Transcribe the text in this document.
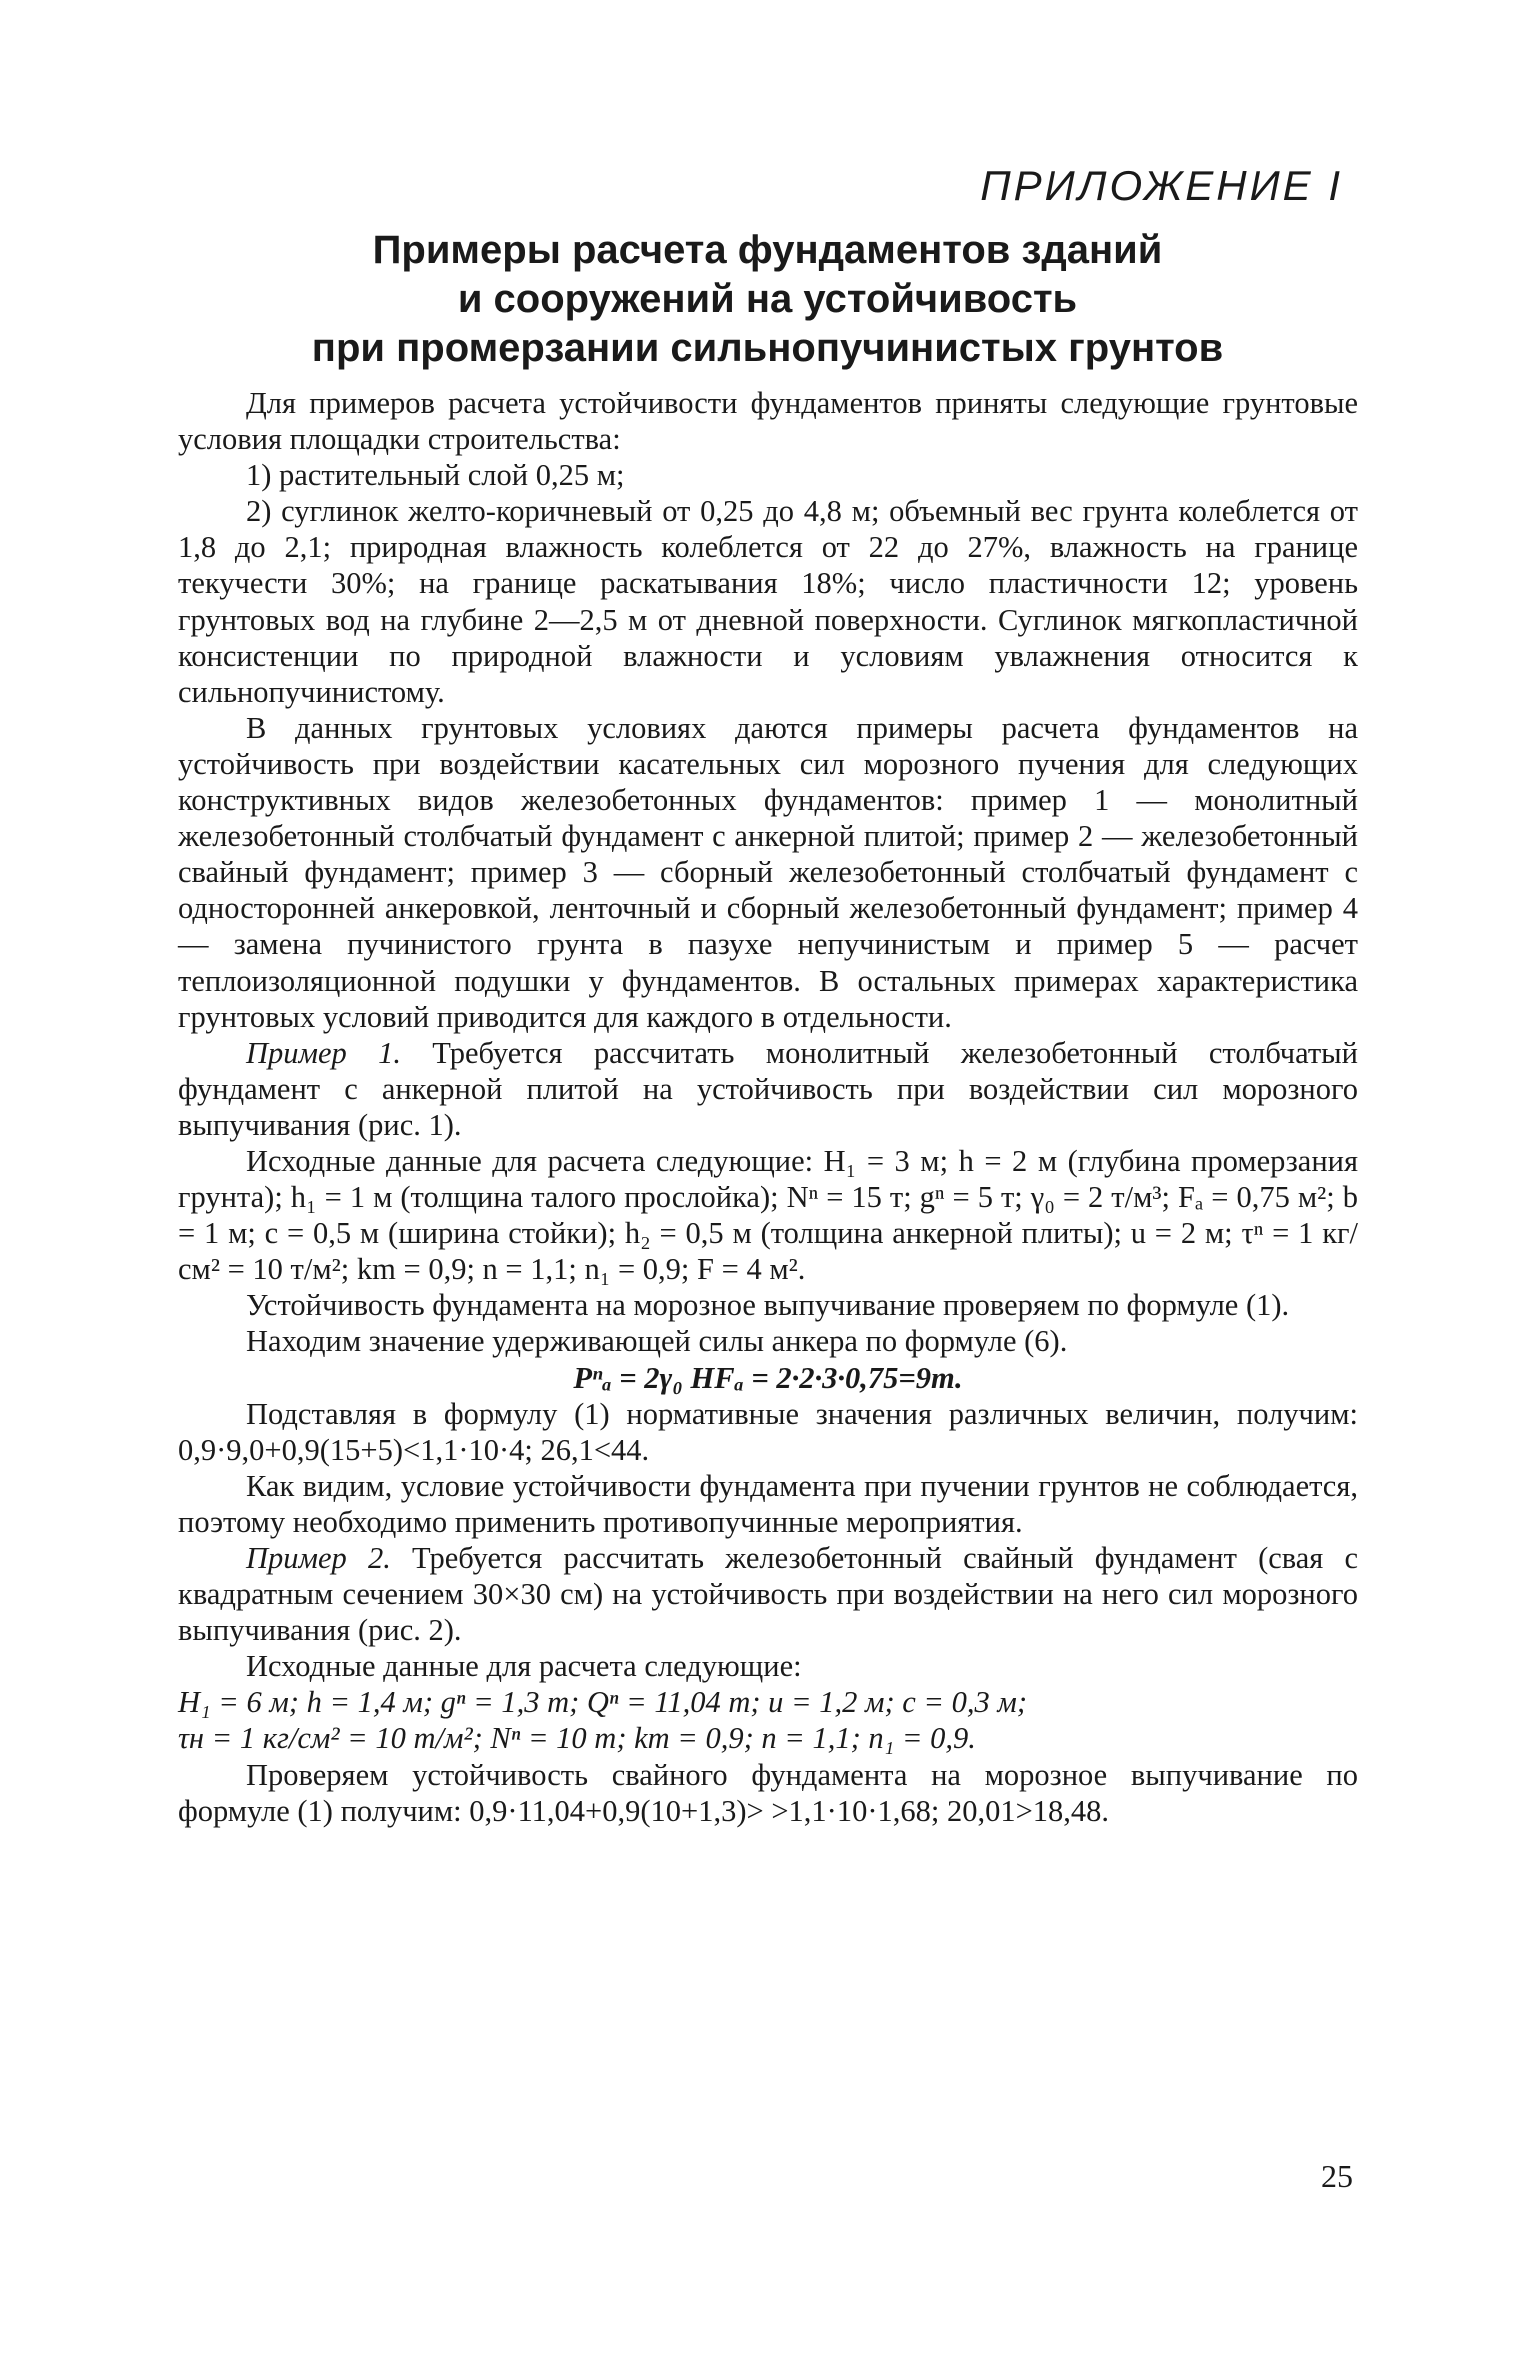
ПРИЛОЖЕНИЕ I
Примеры расчета фундаментов зданий
и сооружений на устойчивость
при промерзании сильнопучинистых грунтов

Для примеров расчета устойчивости фундаментов приняты следующие грунтовые условия площадки строительства:

1) растительный слой 0,25 м;

2) суглинок желто-коричневый от 0,25 до 4,8 м; объемный вес грунта колеблется от 1,8 до 2,1; природная влажность колеблется от 22 до 27%, влажность на границе текучести 30%; на границе раскатывания 18%; число пластичности 12; уровень грунтовых вод на глубине 2—2,5 м от дневной поверхности. Суглинок мягкопластичной консистенции по природной влажности и условиям увлажнения относится к сильнопучинистому.

В данных грунтовых условиях даются примеры расчета фундаментов на устойчивость при воздействии касательных сил морозного пучения для следующих конструктивных видов железобетонных фундаментов: пример 1 — монолитный железобетонный столбчатый фундамент с анкерной плитой; пример 2 — железобетонный свайный фундамент; пример 3 — сборный железобетонный столбчатый фундамент с односторонней анкеровкой, ленточный и сборный железобетонный фундамент; пример 4 — замена пучинистого грунта в пазухе непучинистым и пример 5 — расчет теплоизоляционной подушки у фундаментов. В остальных примерах характеристика грунтовых условий приводится для каждого в отдельности.

Пример 1. Требуется рассчитать монолитный железобетонный столбчатый фундамент с анкерной плитой на устойчивость при воздействии сил морозного выпучивания (рис. 1).

Исходные данные для расчета следующие: H₁ = 3 м; h = 2 м (глубина промерзания грунта); h₁ = 1 м (толщина талого прослойка); Nⁿ = 15 т; gⁿ = 5 т; γ₀ = 2 т/м³; Fₐ = 0,75 м²; b = 1 м; c = 0,5 м (ширина стойки); h₂ = 0,5 м (толщина анкерной плиты); u = 2 м; τⁿ = 1 кг/см² = 10 т/м²; km = 0,9; n = 1,1; n₁ = 0,9; F = 4 м².

Устойчивость фундамента на морозное выпучивание проверяем по формуле (1).

Находим значение удерживающей силы анкера по формуле (6).

Pⁿₐ = 2γ₀ HFₐ = 2·2·3·0,75=9т.

Подставляя в формулу (1) нормативные значения различных величин, получим: 0,9·9,0+0,9(15+5)<1,1·10·4; 26,1<44.

Как видим, условие устойчивости фундамента при пучении грунтов не соблюдается, поэтому необходимо применить противопучинные мероприятия.

Пример 2. Требуется рассчитать железобетонный свайный фундамент (свая с квадратным сечением 30×30 см) на устойчивость при воздействии на него сил морозного выпучивания (рис. 2).

Исходные данные для расчета следующие:

H₁ = 6 м; h = 1,4 м; gⁿ = 1,3 т; Qⁿ = 11,04 т; u = 1,2 м; c = 0,3 м;

τн = 1 кг/см² = 10 т/м²; Nⁿ = 10 т; km = 0,9; n = 1,1; n₁ = 0,9.

Проверяем устойчивость свайного фундамента на морозное выпучивание по формуле (1) получим: 0,9·11,04+0,9(10+1,3)> >1,1·10·1,68; 20,01>18,48.

25
